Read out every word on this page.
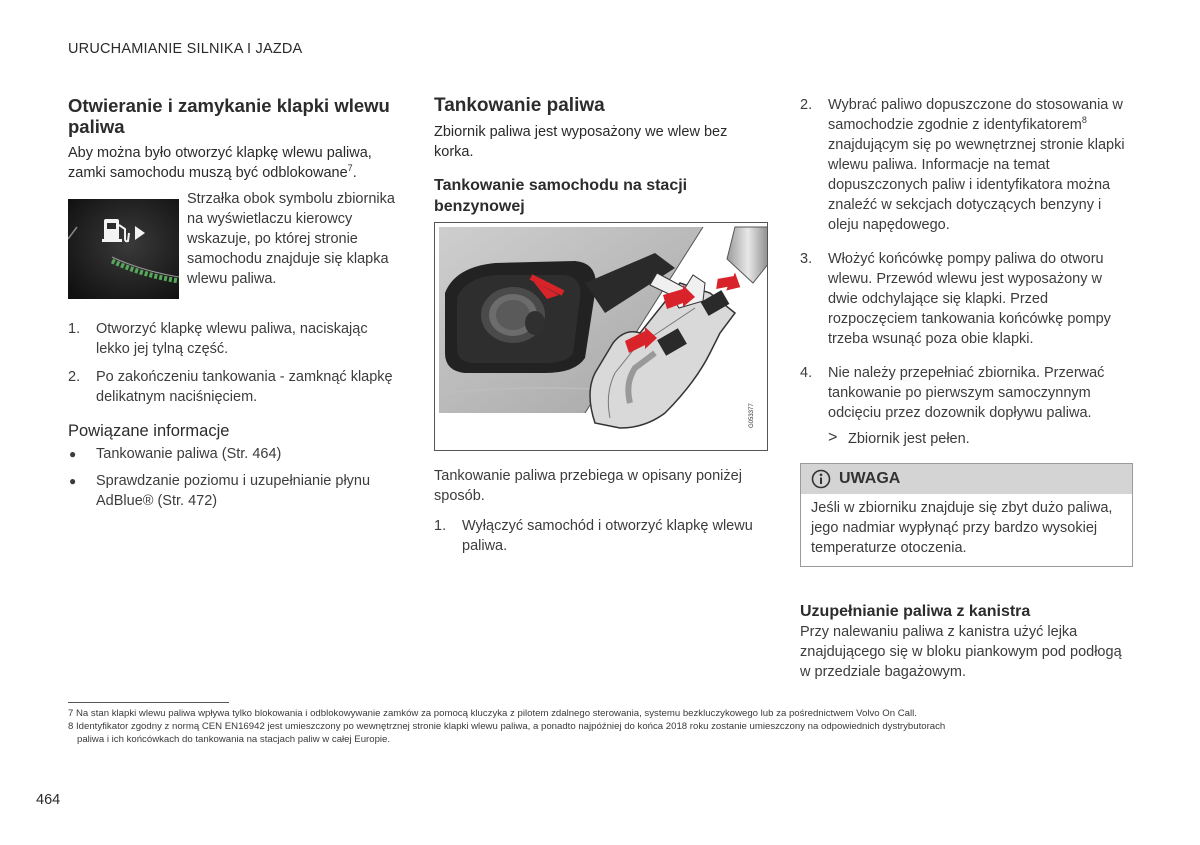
URUCHAMIANIE SILNIKA I JAZDA
Otwieranie i zamykanie klapki wlewu paliwa

Aby można było otworzyć klapkę wlewu paliwa, zamki samochodu muszą być odblokowane$^7$.

Strzałka obok symbolu zbiornika na wyświetlaczu kierowcy wskazuje, po której stronie samochodu znajduje się klapka wlewu paliwa.
1.	Otworzyć klapkę wlewu paliwa, naciskając lekko jej tylną część.
2.	Po zakończeniu tankowania - zamknąć klapkę delikatnym naciśnięciem.
Powiązane informacje
●	Tankowanie paliwa (Str. 464)
●	Sprawdzanie poziomu i uzupełnianie płynu AdBlue® (Str. 472)
Tankowanie paliwa

Zbiornik paliwa jest wyposażony we wlew bez korka.

Tankowanie samochodu na stacji benzynowej
G053377

Tankowanie paliwa przebiega w opisany poniżej sposób.

1.	Wyłączyć samochód i otworzyć klapkę wlewu paliwa.
2.	Wybrać paliwo dopuszczone do stosowania w samochodzie zgodnie z identyfikatorem$^8$ znajdującym się po wewnętrznej stronie klapki wlewu paliwa. Informacje na temat dopuszczonych paliw i identyfikatora można znaleźć w sekcjach dotyczących benzyny i oleju napędowego.
3.	Włożyć końcówkę pompy paliwa do otworu wlewu. Przewód wlewu jest wyposażony w dwie odchylające się klapki. Przed rozpoczęciem tankowania końcówkę pompy trzeba wsunąć poza obie klapki.
4.	Nie należy przepełniać zbiornika. Przerwać tankowanie po pierwszym samoczynnym odcięciu przez dozownik dopływu paliwa.
> Zbiornik jest pełen.
UWAGA
Jeśli w zbiorniku znajduje się zbyt dużo paliwa, jego nadmiar wypłynąć przy bardzo wysokiej temperaturze otoczenia.
Uzupełnianie paliwa z kanistra

Przy nalewaniu paliwa z kanistra użyć lejka znajdującego się w bloku piankowym pod podłogą w przedziale bagażowym.

7 Na stan klapki wlewu paliwa wpływa tylko blokowania i odblokowywanie zamków za pomocą kluczyka z pilotem zdalnego sterowania, systemu bezkluczykowego lub za pośrednictwem Volvo On Call.
8 Identyfikator zgodny z normą CEN EN16942 jest umieszczony po wewnętrznej stronie klapki wlewu paliwa, a ponadto najpóźniej do końca 2018 roku zostanie umieszczony na odpowiednich dystrybutorach
paliwa i ich końcówkach do tankowania na stacjach paliw w całej Europie.
464
